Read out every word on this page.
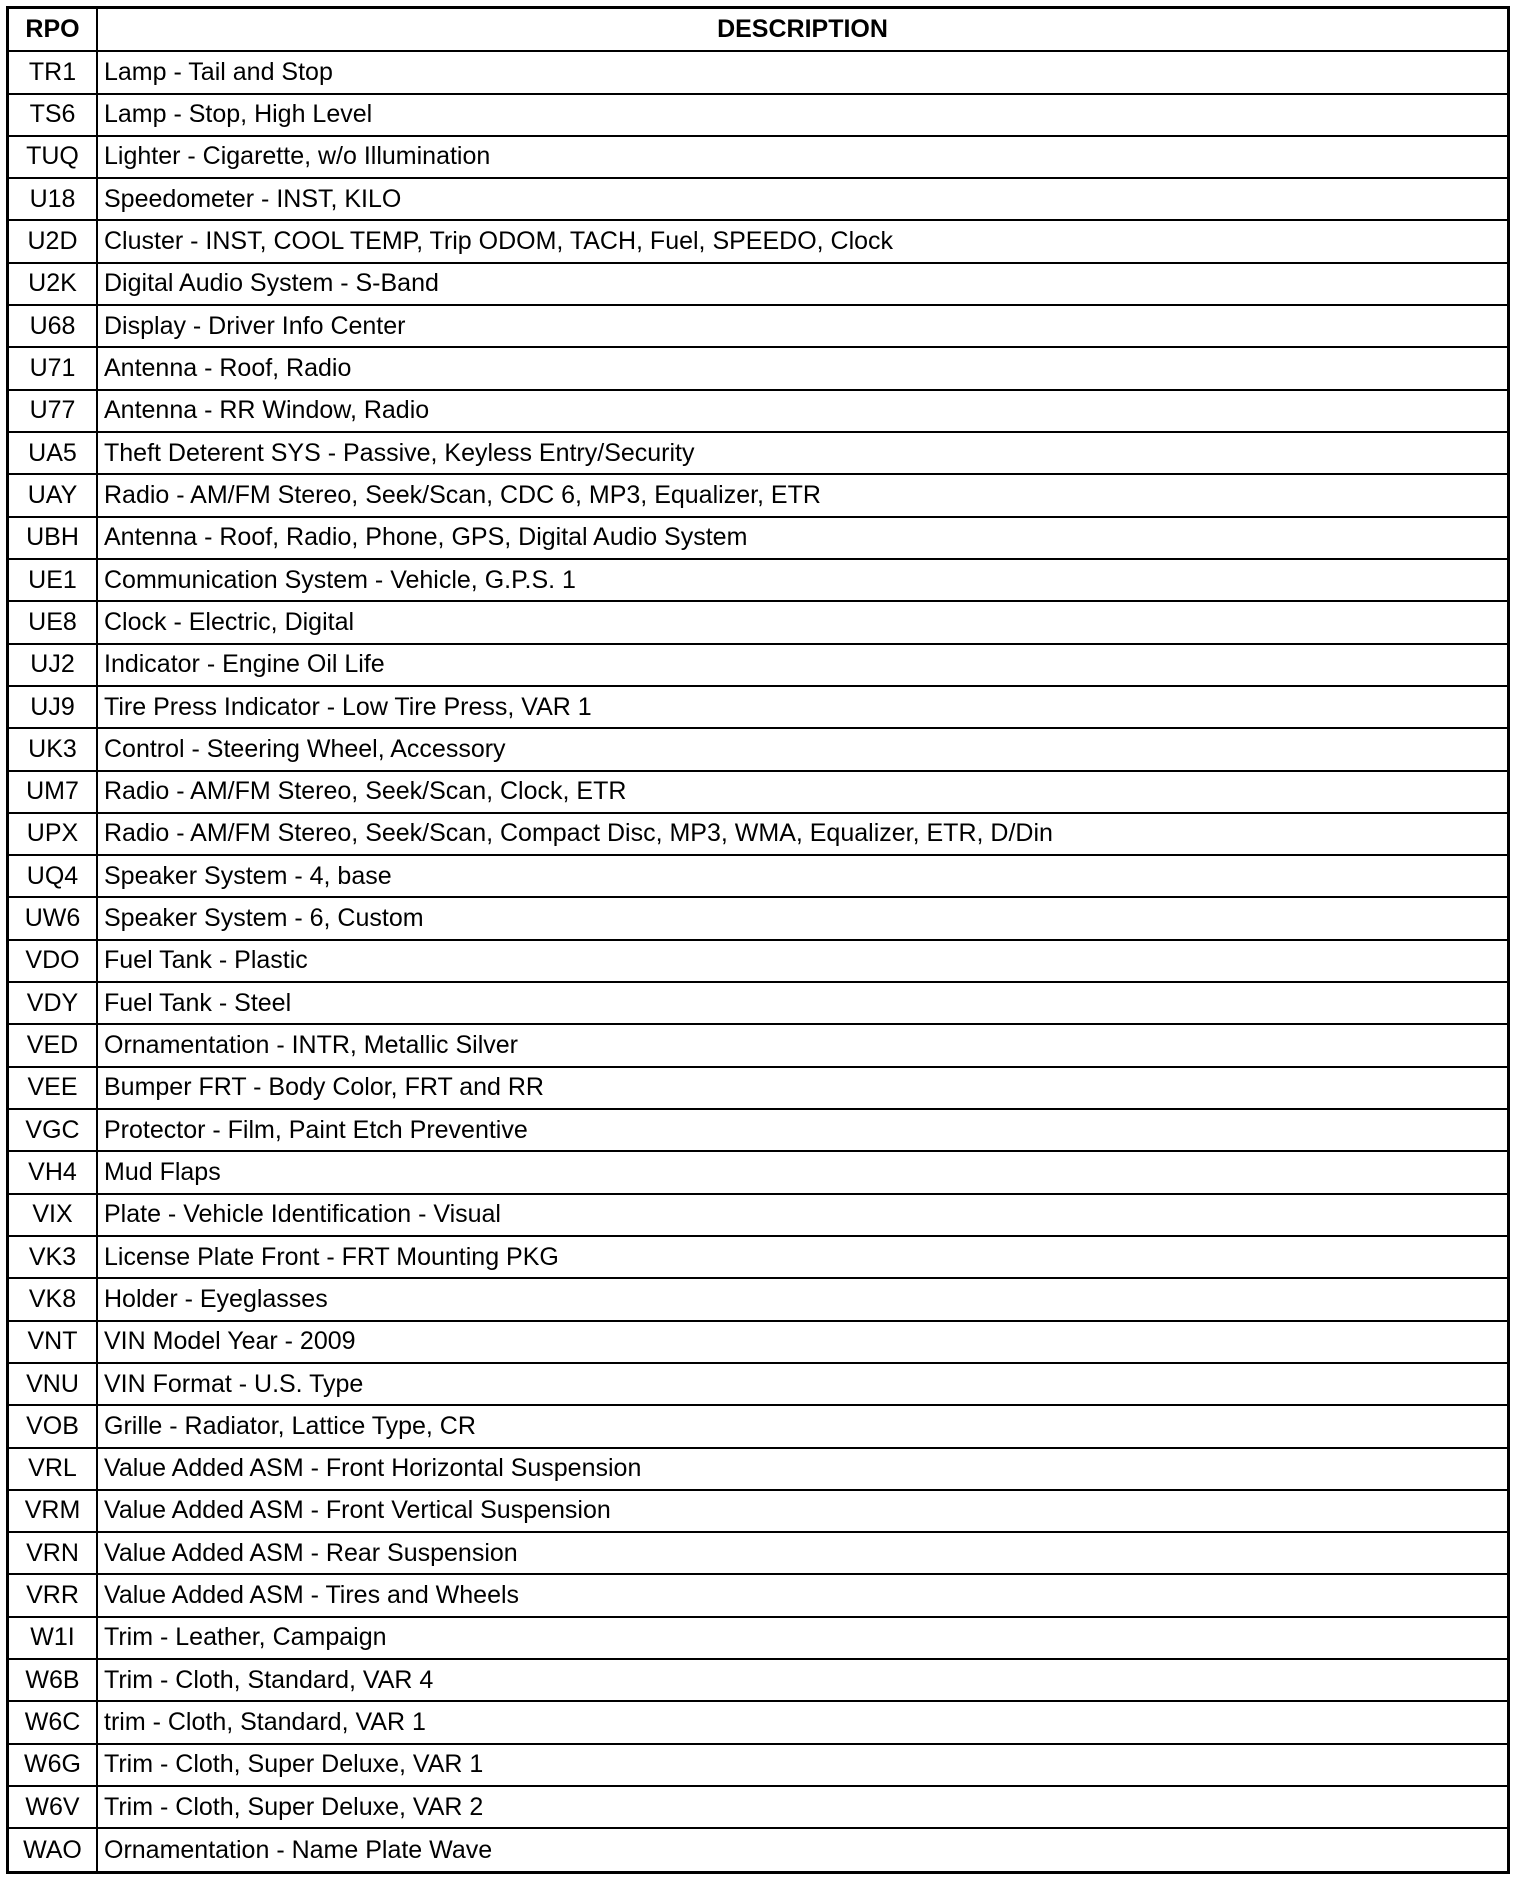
RPO	DESCRIPTION
TR1	Lamp - Tail and Stop
TS6	Lamp - Stop, High Level
TUQ	Lighter - Cigarette, w/o Illumination
U18	Speedometer - INST, KILO
U2D	Cluster - INST, COOL TEMP, Trip ODOM, TACH, Fuel, SPEEDO, Clock
U2K	Digital Audio System - S-Band
U68	Display - Driver Info Center
U71	Antenna - Roof, Radio
U77	Antenna - RR Window, Radio
UA5	Theft Deterent SYS - Passive, Keyless Entry/Security
UAY	Radio - AM/FM Stereo, Seek/Scan, CDC 6, MP3, Equalizer, ETR
UBH	Antenna - Roof, Radio, Phone, GPS, Digital Audio System
UE1	Communication System - Vehicle, G.P.S. 1
UE8	Clock - Electric, Digital
UJ2	Indicator - Engine Oil Life
UJ9	Tire Press Indicator - Low Tire Press, VAR 1
UK3	Control - Steering Wheel, Accessory
UM7	Radio - AM/FM Stereo, Seek/Scan, Clock, ETR
UPX	Radio - AM/FM Stereo, Seek/Scan, Compact Disc, MP3, WMA, Equalizer, ETR, D/Din
UQ4	Speaker System - 4, base
UW6	Speaker System - 6, Custom
VDO	Fuel Tank - Plastic
VDY	Fuel Tank - Steel
VED	Ornamentation - INTR, Metallic Silver
VEE	Bumper FRT - Body Color, FRT and RR
VGC	Protector - Film, Paint Etch Preventive
VH4	Mud Flaps
VIX	Plate - Vehicle Identification - Visual
VK3	License Plate Front - FRT Mounting PKG
VK8	Holder - Eyeglasses
VNT	VIN Model Year - 2009
VNU	VIN Format - U.S. Type
VOB	Grille - Radiator, Lattice Type, CR
VRL	Value Added ASM - Front Horizontal Suspension
VRM	Value Added ASM - Front Vertical Suspension
VRN	Value Added ASM - Rear Suspension
VRR	Value Added ASM - Tires and Wheels
W1I	Trim - Leather, Campaign
W6B	Trim - Cloth, Standard, VAR 4
W6C	trim - Cloth, Standard, VAR 1
W6G	Trim - Cloth, Super Deluxe, VAR 1
W6V	Trim - Cloth, Super Deluxe, VAR 2
WAO	Ornamentation - Name Plate Wave
